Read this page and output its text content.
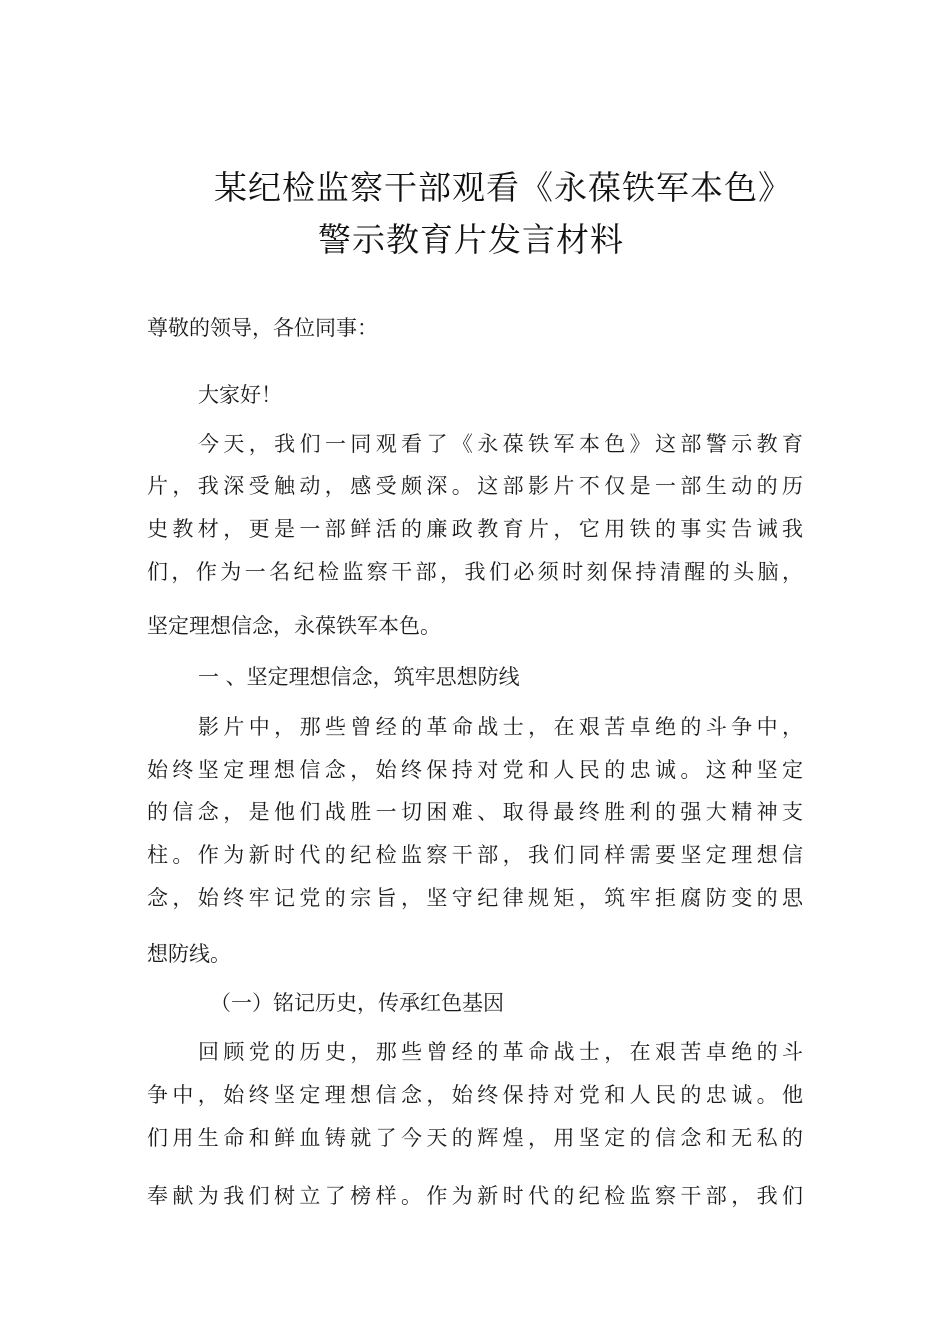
某纪检监察干部观看《永葆铁军本色》
警示教育片发言材料
尊敬的领导，各位同事：
大家好！
今天，我们一同观看了《永葆铁军本色》这部警示教育
片，我深受触动，感受颇深。这部影片不仅是一部生动的历
史教材，更是一部鲜活的廉政教育片，它用铁的事实告诫我
们，作为一名纪检监察干部，我们必须时刻保持清醒的头脑，
坚定理想信念，永葆铁军本色。
一 、坚定理想信念，筑牢思想防线
影片中，那些曾经的革命战士，在艰苦卓绝的斗争中，
始终坚定理想信念，始终保持对党和人民的忠诚。这种坚定
的信念，是他们战胜一切困难、取得最终胜利的强大精神支
柱。作为新时代的纪检监察干部，我们同样需要坚定理想信
念，始终牢记党的宗旨，坚守纪律规矩，筑牢拒腐防变的思
想防线。
（一）铭记历史，传承红色基因
回顾党的历史，那些曾经的革命战士，在艰苦卓绝的斗
争中，始终坚定理想信念，始终保持对党和人民的忠诚。他
们用生命和鲜血铸就了今天的辉煌，用坚定的信念和无私的
奉献为我们树立了榜样。作为新时代的纪检监察干部，我们
